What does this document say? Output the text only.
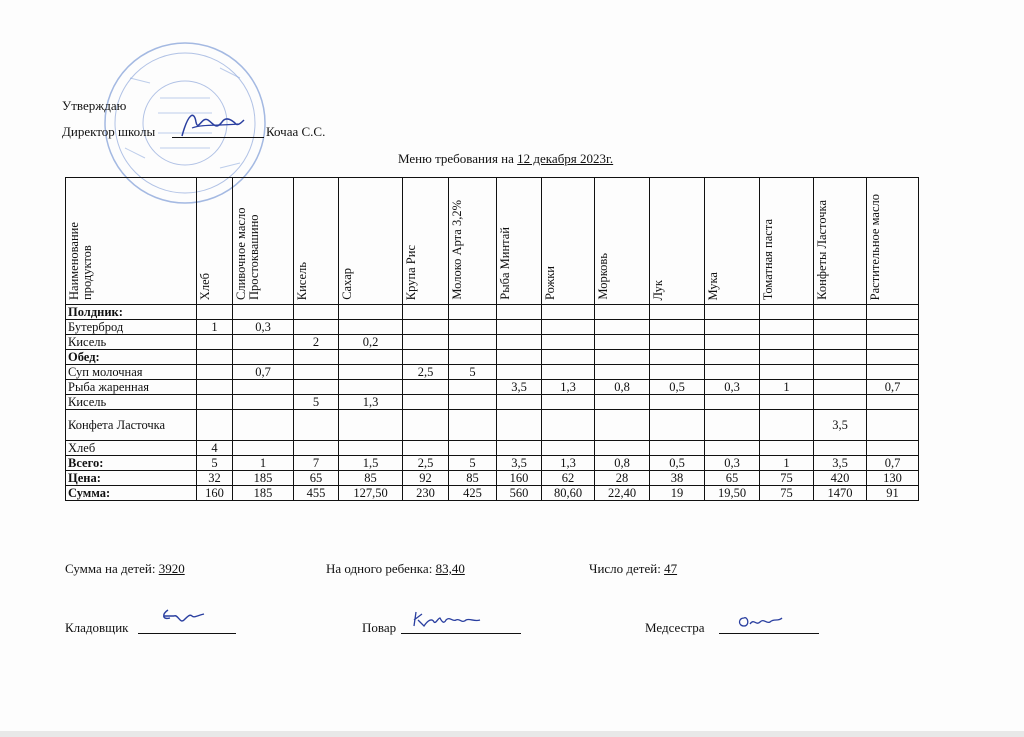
Утверждаю
Директор школы	Кочаа С.С.
Меню требования на 12 декабря 2023г.
Наименование продуктов	Хлеб	Сливочное масло Простоквашино	Кисель	Сахар	Крупа Рис	Молоко Арта 3,2%	Рыба Минтай	Рожки	Морковь	Лук	Мука	Томатная паста	Конфеты Ласточка	Растительное масло

Полдник:														
Бутерброд	1	0,3												
Кисель			2	0,2										
Обед:														
Суп молочная		0,7			2,5	5								
Рыба жаренная							3,5	1,3	0,8	0,5	0,3	1		0,7
Кисель			5	1,3										
Конфета Ласточка													3,5	
Хлеб	4													
Всего:	5	1	7	1,5	2,5	5	3,5	1,3	0,8	0,5	0,3	1	3,5	0,7
Цена:	32	185	65	85	92	85	160	62	28	38	65	75	420	130
Сумма:	160	185	455	127,50	230	425	560	80,60	22,40	19	19,50	75	1470	91
Сумма на детей: 3920	На одного ребенка: 83,40	Число детей: 47
Кладовщик	Повар	Медсестра
